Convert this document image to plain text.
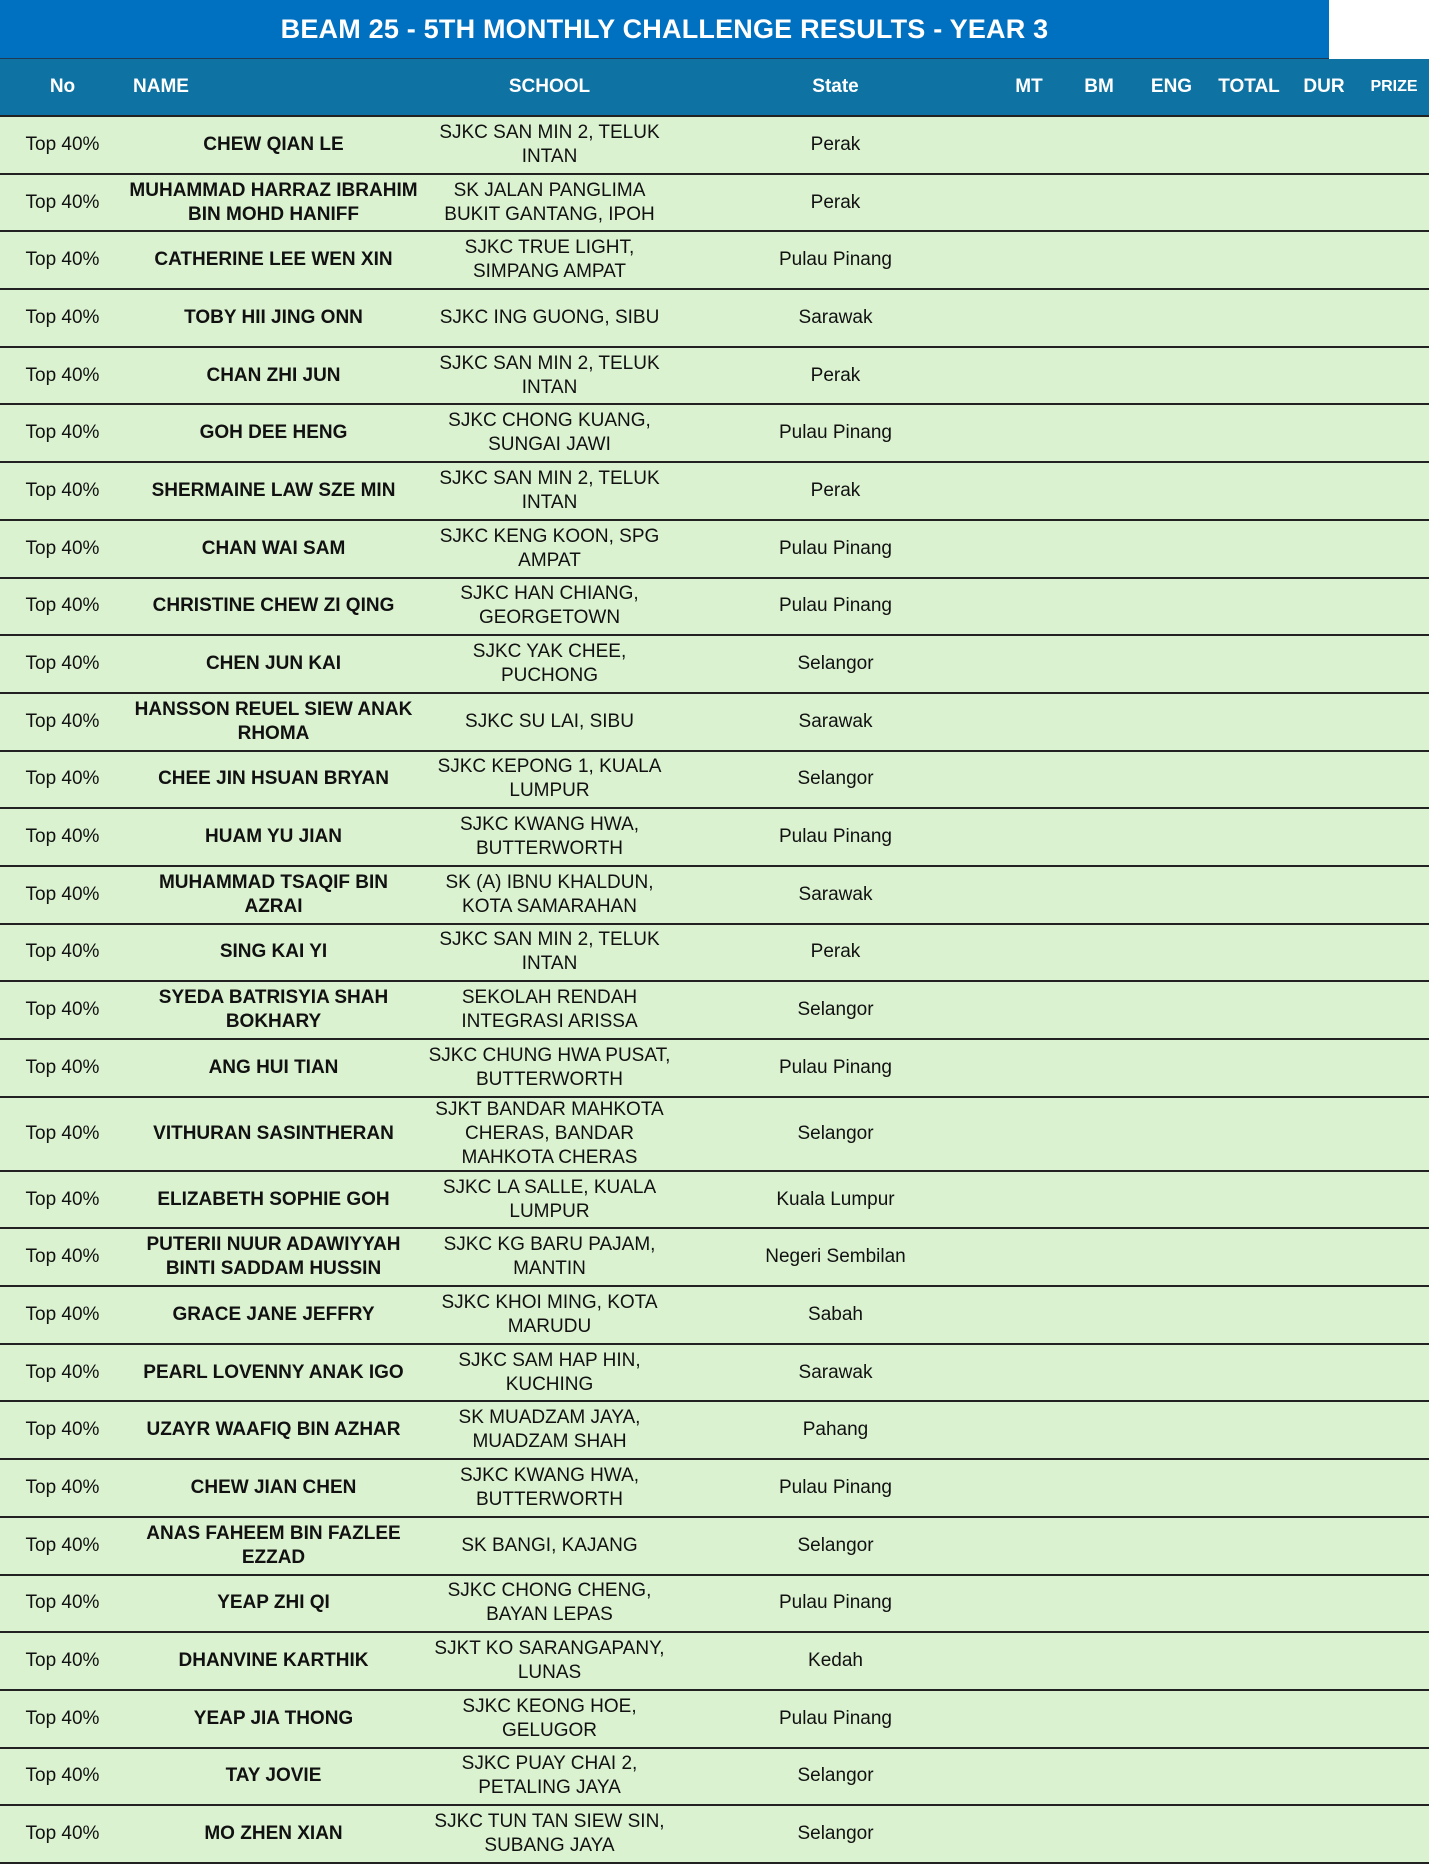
BEAM 25 - 5TH MONTHLY CHALLENGE RESULTS - YEAR 3
No	NAME	SCHOOL	State	MT	BM	ENG	TOTAL	DUR	PRIZE
Top 40%	CHEW QIAN LE	SJKC SAN MIN 2, TELUK INTAN	Perak						
Top 40%	MUHAMMAD HARRAZ IBRAHIM BIN MOHD HANIFF	SK JALAN PANGLIMA BUKIT GANTANG, IPOH	Perak						
Top 40%	CATHERINE LEE WEN XIN	SJKC TRUE LIGHT, SIMPANG AMPAT	Pulau Pinang						
Top 40%	TOBY HII JING ONN	SJKC ING GUONG, SIBU	Sarawak						
Top 40%	CHAN ZHI JUN	SJKC SAN MIN 2, TELUK INTAN	Perak						
Top 40%	GOH DEE HENG	SJKC CHONG KUANG, SUNGAI JAWI	Pulau Pinang						
Top 40%	SHERMAINE LAW SZE MIN	SJKC SAN MIN 2, TELUK INTAN	Perak						
Top 40%	CHAN WAI SAM	SJKC KENG KOON, SPG AMPAT	Pulau Pinang						
Top 40%	CHRISTINE CHEW ZI QING	SJKC HAN CHIANG, GEORGETOWN	Pulau Pinang						
Top 40%	CHEN JUN KAI	SJKC YAK CHEE, PUCHONG	Selangor						
Top 40%	HANSSON REUEL SIEW ANAK RHOMA	SJKC SU LAI, SIBU	Sarawak						
Top 40%	CHEE JIN HSUAN BRYAN	SJKC KEPONG 1, KUALA LUMPUR	Selangor						
Top 40%	HUAM YU JIAN	SJKC KWANG HWA, BUTTERWORTH	Pulau Pinang						
Top 40%	MUHAMMAD TSAQIF BIN AZRAI	SK (A) IBNU KHALDUN, KOTA SAMARAHAN	Sarawak						
Top 40%	SING KAI YI	SJKC SAN MIN 2, TELUK INTAN	Perak						
Top 40%	SYEDA BATRISYIA SHAH BOKHARY	SEKOLAH RENDAH INTEGRASI ARISSA	Selangor						
Top 40%	ANG HUI TIAN	SJKC CHUNG HWA PUSAT, BUTTERWORTH	Pulau Pinang						
Top 40%	VITHURAN SASINTHERAN	SJKT BANDAR MAHKOTA CHERAS, BANDAR MAHKOTA CHERAS	Selangor						
Top 40%	ELIZABETH SOPHIE GOH	SJKC LA SALLE, KUALA LUMPUR	Kuala Lumpur						
Top 40%	PUTERII NUUR ADAWIYYAH BINTI SADDAM HUSSIN	SJKC KG BARU PAJAM, MANTIN	Negeri Sembilan						
Top 40%	GRACE JANE JEFFRY	SJKC KHOI MING, KOTA MARUDU	Sabah						
Top 40%	PEARL LOVENNY ANAK IGO	SJKC SAM HAP HIN, KUCHING	Sarawak						
Top 40%	UZAYR WAAFIQ BIN AZHAR	SK MUADZAM JAYA, MUADZAM SHAH	Pahang						
Top 40%	CHEW JIAN CHEN	SJKC KWANG HWA, BUTTERWORTH	Pulau Pinang						
Top 40%	ANAS FAHEEM BIN FAZLEE EZZAD	SK BANGI, KAJANG	Selangor						
Top 40%	YEAP ZHI QI	SJKC CHONG CHENG, BAYAN LEPAS	Pulau Pinang						
Top 40%	DHANVINE KARTHIK	SJKT KO SARANGAPANY, LUNAS	Kedah						
Top 40%	YEAP JIA THONG	SJKC KEONG HOE, GELUGOR	Pulau Pinang						
Top 40%	TAY JOVIE	SJKC PUAY CHAI 2, PETALING JAYA	Selangor						
Top 40%	MO ZHEN XIAN	SJKC TUN TAN SIEW SIN, SUBANG JAYA	Selangor						
